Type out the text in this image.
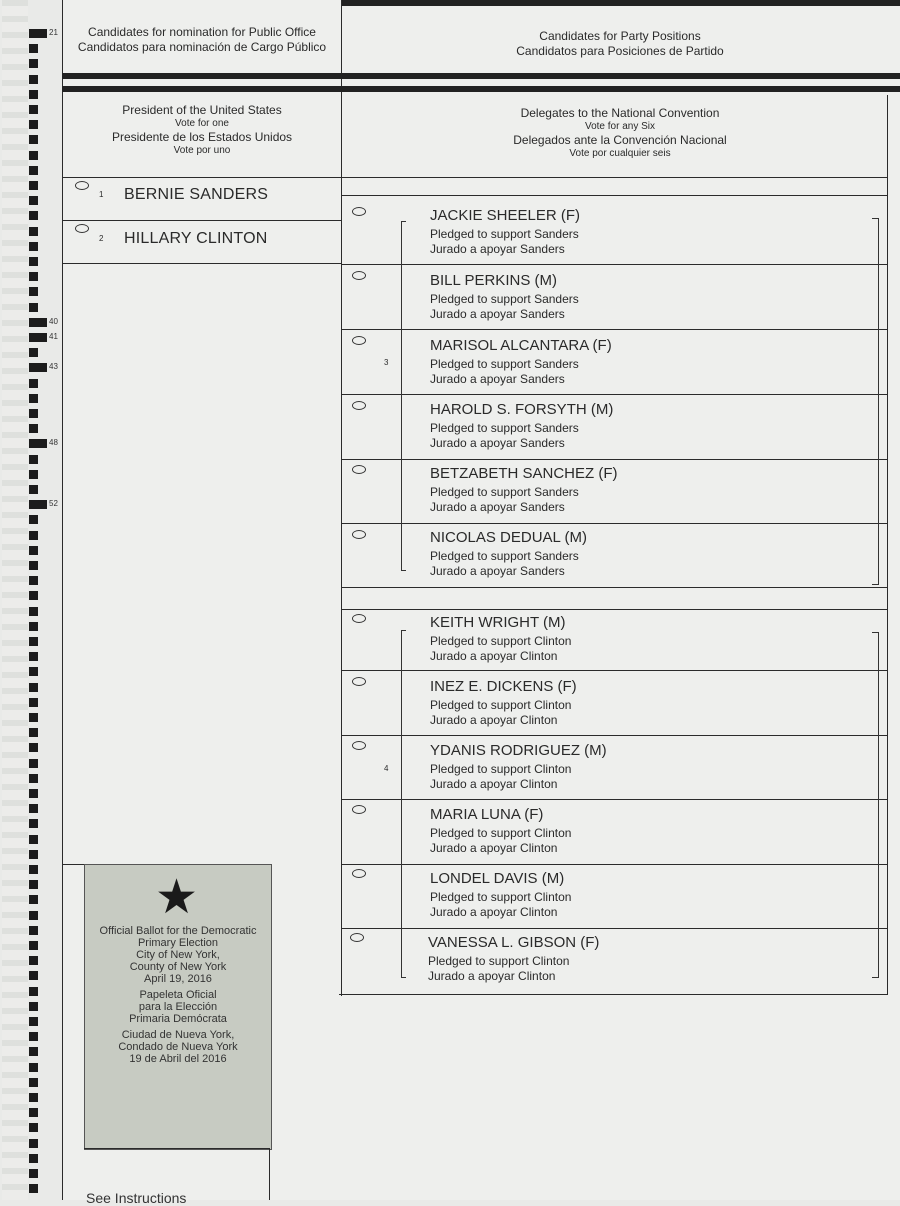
21
40
41
43
48
52
Candidates for nomination for Public Office
Candidatos para nominación de Cargo Público
Candidates for Party Positions
Candidatos para Posiciones de Partido
President of the United States
Vote for one
Presidente de los Estados Unidos
Vote por uno
Delegates to the National Convention
Vote for any Six
Delegados ante la Convención Nacional
Vote por cualquier seis
1 BERNIE SANDERS
2 HILLARY CLINTON
JACKIE SHEELER (F)
Pledged to support Sanders
Jurado a apoyar Sanders
BILL PERKINS (M)
Pledged to support Sanders
Jurado a apoyar Sanders
3
MARISOL ALCANTARA (F)
Pledged to support Sanders
Jurado a apoyar Sanders
HAROLD S. FORSYTH (M)
Pledged to support Sanders
Jurado a apoyar Sanders
BETZABETH SANCHEZ (F)
Pledged to support Sanders
Jurado a apoyar Sanders
NICOLAS DEDUAL (M)
Pledged to support Sanders
Jurado a apoyar Sanders
KEITH WRIGHT (M)
Pledged to support Clinton
Jurado a apoyar Clinton
INEZ E. DICKENS (F)
Pledged to support Clinton
Jurado a apoyar Clinton
4
YDANIS RODRIGUEZ (M)
Pledged to support Clinton
Jurado a apoyar Clinton
MARIA LUNA (F)
Pledged to support Clinton
Jurado a apoyar Clinton
LONDEL DAVIS (M)
Pledged to support Clinton
Jurado a apoyar Clinton
VANESSA L. GIBSON (F)
Pledged to support Clinton
Jurado a apoyar Clinton
★
Official Ballot for the Democratic
Primary Election
City of New York,
County of New York
April 19, 2016
Papeleta Oficial
para la Elección
Primaria Demócrata
Ciudad de Nueva York,
Condado de Nueva York
19 de Abril del 2016
See Instructions
